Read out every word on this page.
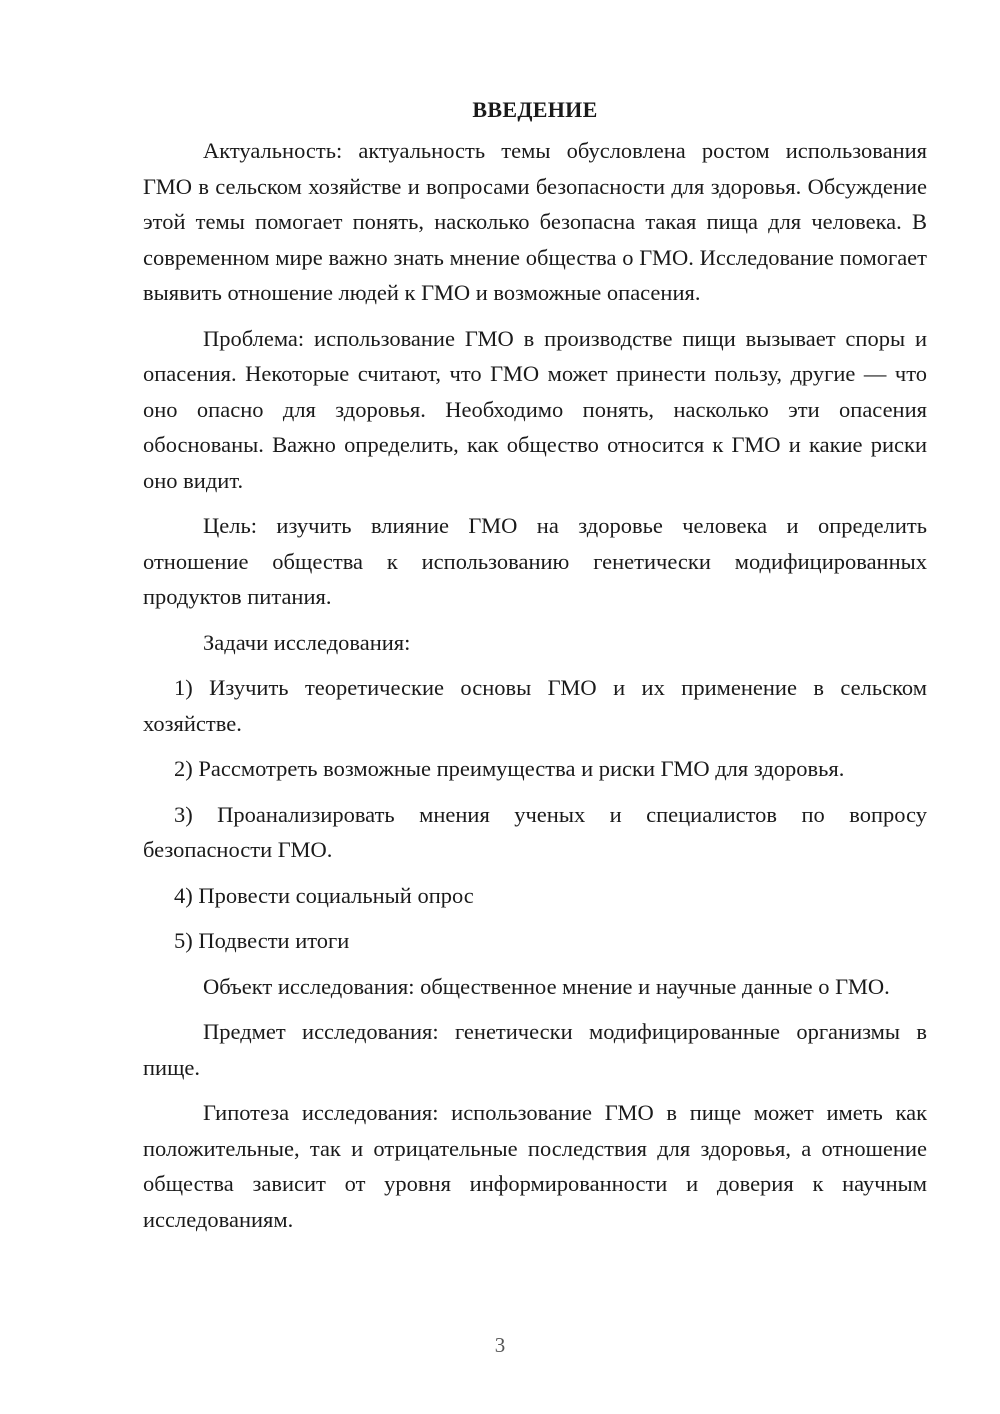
ВВЕДЕНИЕ

Актуальность: актуальность темы обусловлена ростом использования ГМО в сельском хозяйстве и вопросами безопасности для здоровья. Обсуждение этой темы помогает понять, насколько безопасна такая пища для человека. В современном мире важно знать мнение общества о ГМО. Исследование помогает выявить отношение людей к ГМО и возможные опасения.

Проблема: использование ГМО в производстве пищи вызывает споры и опасения. Некоторые считают, что ГМО может принести пользу, другие — что оно опасно для здоровья. Необходимо понять, насколько эти опасения обоснованы. Важно определить, как общество относится к ГМО и какие риски оно видит.

Цель: изучить влияние ГМО на здоровье человека и определить отношение общества к использованию генетически модифицированных продуктов питания.

Задачи исследования:

1) Изучить теоретические основы ГМО и их применение в сельском хозяйстве.

2) Рассмотреть возможные преимущества и риски ГМО для здоровья.

3) Проанализировать мнения ученых и специалистов по вопросу безопасности ГМО.

4) Провести социальный опрос

5) Подвести итоги

Объект исследования: общественное мнение и научные данные о ГМО.

Предмет исследования: генетически модифицированные организмы в пище.

Гипотеза исследования: использование ГМО в пище может иметь как положительные, так и отрицательные последствия для здоровья, а отношение общества зависит от уровня информированности и доверия к научным исследованиям.

3
